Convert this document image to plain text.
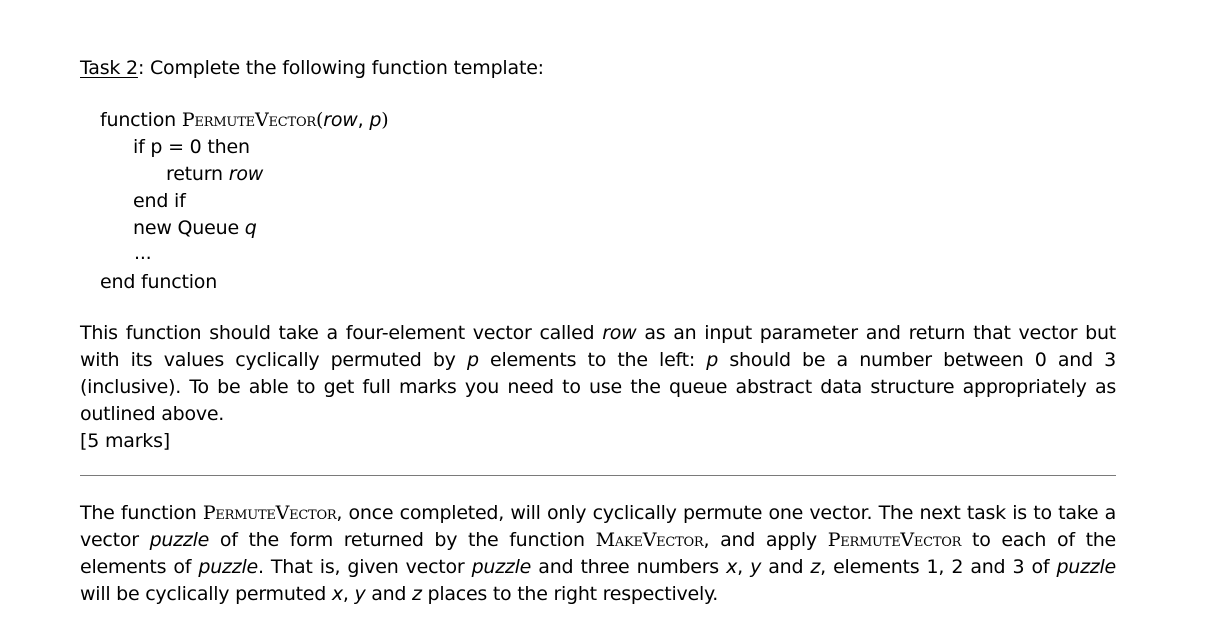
Task 2: Complete the following function template:
function PermuteVector(row, p)
if p = 0 then
return row
end if
new Queue q
...
end function
This function should take a four-element vector called row as an input parameter and return that vector but with its values cyclically permuted by p elements to the left: p should be a number between 0 and 3 (inclusive). To be able to get full marks you need to use the queue abstract data structure appropriately as outlined above.
[5 marks]
The function PermuteVector, once completed, will only cyclically permute one vector. The next task is to take a vector puzzle of the form returned by the function MakeVector, and apply PermuteVector to each of the elements of puzzle. That is, given vector puzzle and three numbers x, y and z, elements 1, 2 and 3 of puzzle will be cyclically permuted x, y and z places to the right respectively.
